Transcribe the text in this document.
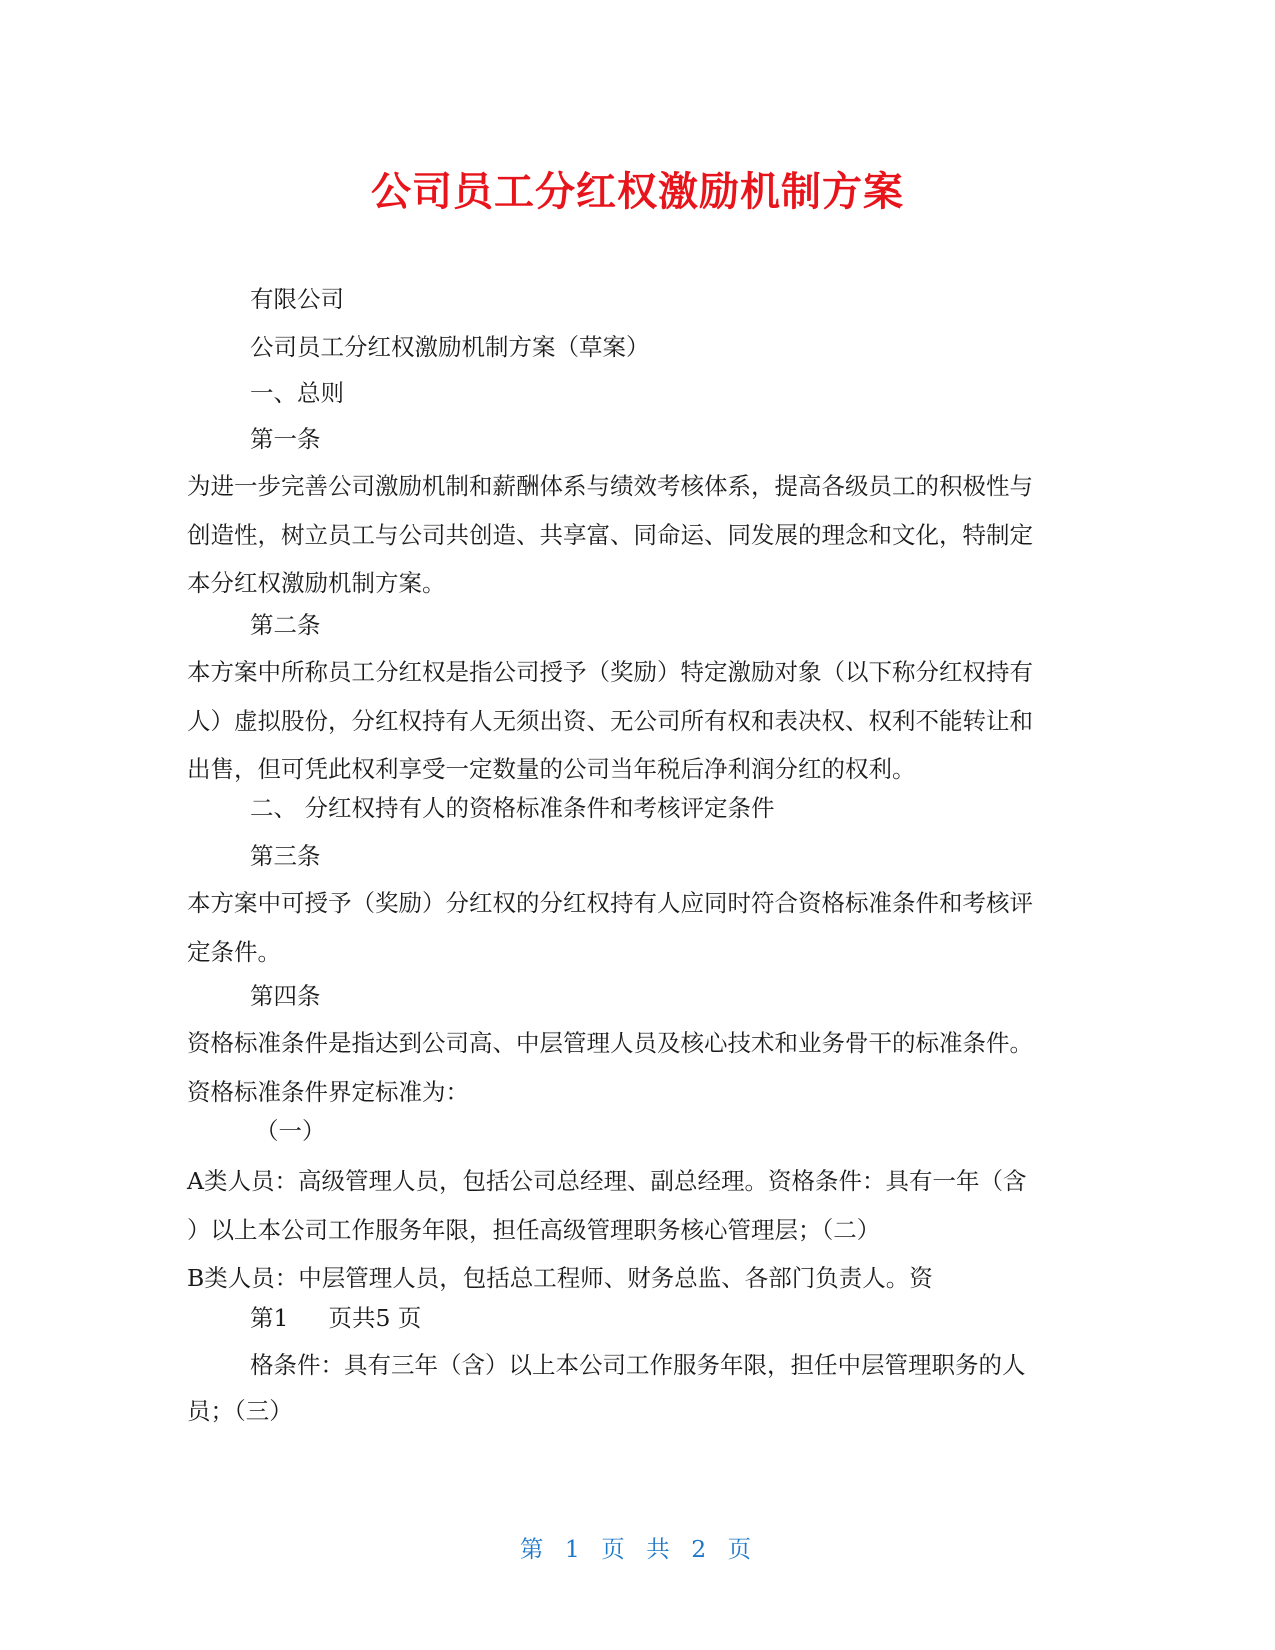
公司员工分红权激励机制方案

有限公司

公司员工分红权激励机制方案（草案）

一、总则

第一条

为进一步完善公司激励机制和薪酬体系与绩效考核体系，提高各级员工的积极性与
创造性，树立员工与公司共创造、共享富、同命运、同发展的理念和文化，特制定
本分红权激励机制方案。

第二条

本方案中所称员工分红权是指公司授予（奖励）特定激励对象（以下称分红权持有
人）虚拟股份，分红权持有人无须出资、无公司所有权和表决权、权利不能转让和
出售，但可凭此权利享受一定数量的公司当年税后净利润分红的权利。

二、 分红权持有人的资格标准条件和考核评定条件

第三条

本方案中可授予（奖励）分红权的分红权持有人应同时符合资格标准条件和考核评
定条件。

第四条

资格标准条件是指达到公司高、中层管理人员及核心技术和业务骨干的标准条件。
资格标准条件界定标准为：

（一）

A类人员：高级管理人员，包括公司总经理、副总经理。资格条件：具有一年（含
）以上本公司工作服务年限，担任高级管理职务核心管理层；（二）
B类人员：中层管理人员，包括总工程师、财务总监、各部门负责人。资

第1 页共5 页

格条件：具有三年（含）以上本公司工作服务年限，担任中层管理职务的人

员；（三）

第 1 页 共 2 页
